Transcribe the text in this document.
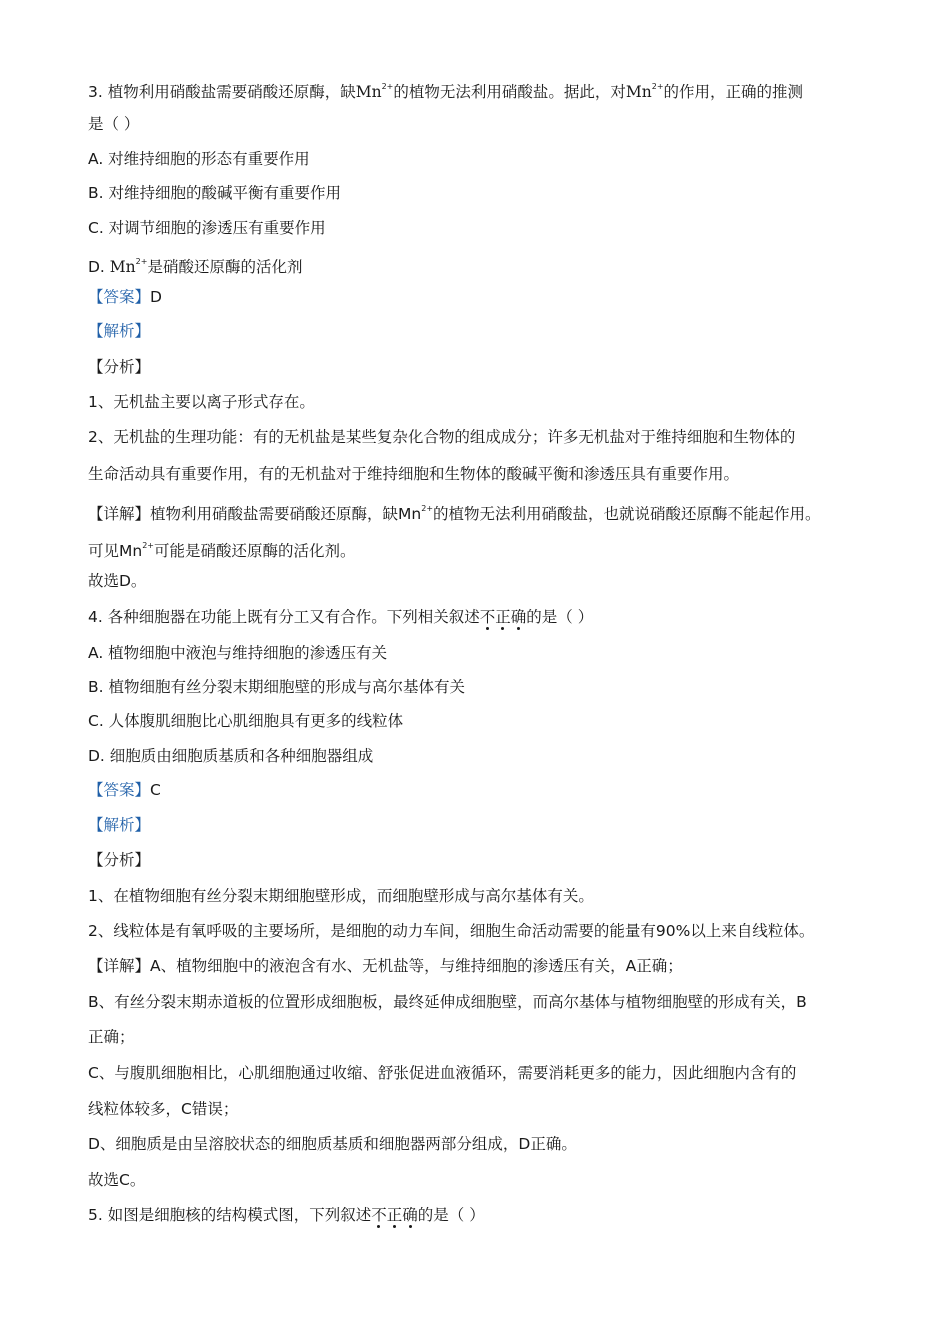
3. 植物利用硝酸盐需要硝酸还原酶，缺$Mn^{2+}$的植物无法利用硝酸盐。据此，对$Mn^{2+}$的作用，正确的推测
是（ ）
A. 对维持细胞的形态有重要作用
B. 对维持细胞的酸碱平衡有重要作用
C. 对调节细胞的渗透压有重要作用
D. $Mn^{2+}$是硝酸还原酶的活化剂
【答案】D
【解析】
【分析】
1、无机盐主要以离子形式存在。
2、无机盐的生理功能：有的无机盐是某些复杂化合物的组成成分；许多无机盐对于维持细胞和生物体的
生命活动具有重要作用，有的无机盐对于维持细胞和生物体的酸碱平衡和渗透压具有重要作用。
【详解】植物利用硝酸盐需要硝酸还原酶，缺$Mn^{2+}$的植物无法利用硝酸盐，也就说硝酸还原酶不能起作用。
可见$Mn^{2+}$可能是硝酸还原酶的活化剂。
故选D。
4. 各种细胞器在功能上既有分工又有合作。下列相关叙述不正确的是（ ）
A. 植物细胞中液泡与维持细胞的渗透压有关
B. 植物细胞有丝分裂末期细胞壁的形成与高尔基体有关
C. 人体腹肌细胞比心肌细胞具有更多的线粒体
D. 细胞质由细胞质基质和各种细胞器组成
【答案】C
【解析】
【分析】
1、在植物细胞有丝分裂末期细胞壁形成，而细胞壁形成与高尔基体有关。
2、线粒体是有氧呼吸的主要场所，是细胞的动力车间，细胞生命活动需要的能量有90%以上来自线粒体。
【详解】A、植物细胞中的液泡含有水、无机盐等，与维持细胞的渗透压有关，A正确；
B、有丝分裂末期赤道板的位置形成细胞板，最终延伸成细胞壁，而高尔基体与植物细胞壁的形成有关，B
正确；
C、与腹肌细胞相比，心肌细胞通过收缩、舒张促进血液循环，需要消耗更多的能力，因此细胞内含有的
线粒体较多，C错误；
D、细胞质是由呈溶胶状态的细胞质基质和细胞器两部分组成，D正确。
故选C。
5. 如图是细胞核的结构模式图，下列叙述不正确的是（ ）
